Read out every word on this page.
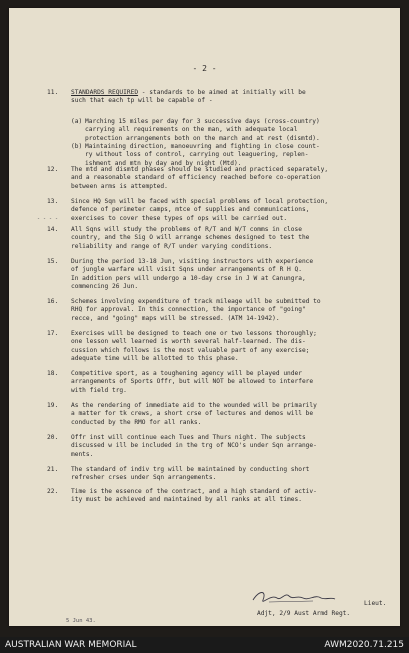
- 2 -
11. STANDARDS REQUIRED - standards to be aimed at initially will be
such that each tp will be capable of -
(a) Marching 15 miles per day for 3 successive days (cross-country)
carrying all requirements on the man, with adequate local
protection arrangements both on the march and at rest (dismtd).
(b) Maintaining direction, manoeuvring and fighting in close count-
ry without loss of control, carrying out leaguering, replen-
ishment and mtn by day and by night (Mtd).
12. The mtd and dismtd phases should be studied and practiced separately,
and a reasonable standard of efficiency reached before co-operation
between arms is attempted.
13. Since HQ Sqn will be faced with special problems of local protection,
defence of perimeter camps, mtce of supplies and communications,
exercises to cover these types of ops will be carried out.
- - - -
14. All Sqns will study the problems of R/T and W/T comms in close
country, and the Sig O will arrange schemes designed to test the
reliability and range of R/T under varying conditions.
15. During the period 13-18 Jun, visiting instructors with experience
of jungle warfare will visit Sqns under arrangements of R H Q.
In addition pers will undergo a 10-day crse in J W at Canungra,
commencing 26 Jun.
16. Schemes involving expenditure of track mileage will be submitted to
RHQ for approval. In this connection, the importance of "going"
recce, and "going" maps will be stressed. (ATM 14-1942).
17. Exercises will be designed to teach one or two lessons thoroughly;
one lesson well learned is worth several half-learned. The dis-
cussion which follows is the most valuable part of any exercise;
adequate time will be allotted to this phase.
18. Competitive sport, as a toughening agency will be played under
arrangements of Sports Offr, but will NOT be allowed to interfere
with field trg.
19. As the rendering of immediate aid to the wounded will be primarily
a matter for tk crews, a short crse of lectures and demos will be
conducted by the RMO for all ranks.
20. Offr inst will continue each Tues and Thurs night. The subjects
discussed w ill be included in the trg of NCO's under Sqn arrange-
ments.
21. The standard of indiv trg will be maintained by conducting short
refresher crses under Sqn arrangements.
22. Time is the essence of the contract, and a high standard of activ-
ity must be achieved and maintained by all ranks at all times.
Lieut.
Adjt, 2/9 Aust Armd Regt.
5 Jun 43.
AUSTRALIAN WAR MEMORIAL	AWM2020.71.215
